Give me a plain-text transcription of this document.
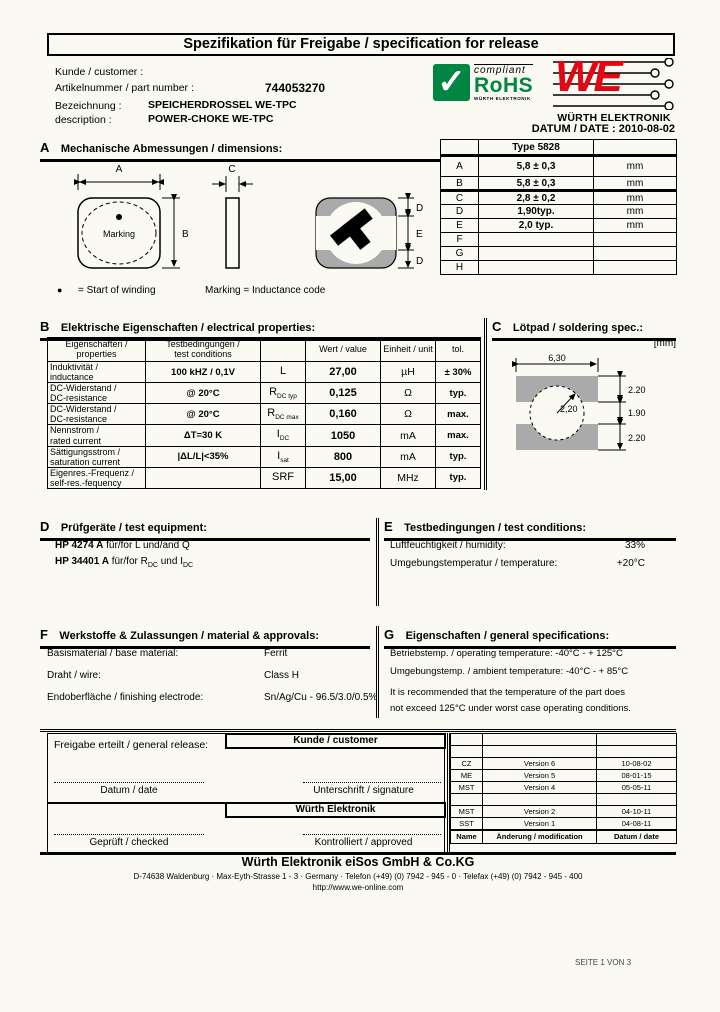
Spezifikation für Freigabe / specification for release
Kunde / customer :
Artikelnummer / part number :	744053270
Bezeichnung :	SPEICHERDROSSEL WE-TPC
description :	POWER-CHOKE WE-TPC
✓ compliant
RoHS
WÜRTH ELEKTRONIK WE
WÜRTH ELEKTRONIK
DATUM / DATE : 2010-08-02
A Mechanische Abmessungen / dimensions:
		Type 5828	
A	5,8 ± 0,3	mm
B	5,8 ± 0,3	mm
C	2,8 ± 0,2	mm
D	1,90typ.	mm
E	2,0 typ.	mm
F		
G		
H		
A
Marking	B
C
D
E
D
● = Start of winding	Marking = Inductance code
B Elektrische Eigenschaften / electrical properties:
Eigenschaften /
properties

Testbedingungen /
test conditions		Wert / value	Einheit / unit	tol.

Induktivität /
inductance	100 kHZ / 0,1V	L	27,00	µH	± 30%

DC-Widerstand /
DC-resistance	@ 20°C	$R_{DC typ}$	0,125	Ω	typ.

DC-Widerstand /
DC-resistance	@ 20°C	$R_{DC max}$	0,160	Ω	max.

Nennstrom /
rated current	ΔT=30 K	$I_{DC}$	1050	mA	max.

Sättigungsstrom /
saturation current	|ΔL/L|<35%	$I_{sat}$	800	mA	typ.

Eigenres.-Frequenz /
self-res.-fequency		SRF	15,00	MHz	typ.
C Lötpad / soldering spec.:
[mm]
6,30
2,20
2.20
1.90
2.20
D Prüfgeräte / test equipment:
HP 4274 A für/for L und/and Q
HP 34401 A für/for $R_{DC}$ und $I_{DC}$
E Testbedingungen / test conditions:
Luftfeuchtigkeit / humidity:	33%
Umgebungstemperatur / temperature:	+20°C
F Werkstoffe & Zulassungen / material & approvals:
Basismaterial / base material:	Ferrit
Draht / wire:	Class H
Endoberfläche / finishing electrode:	Sn/Ag/Cu - 96.5/3.0/0.5%
G Eigenschaften / general specifications:
Betriebstemp. / operating temperature: -40°C - + 125°C
Umgebungstemp. / ambient temperature: -40°C - + 85°C
It is recommended that the temperature of the part does
not exceed 125°C under worst case operating conditions.
Freigabe erteilt / general release:	Kunde / customer
Datum / date	Unterschrift / signature
Würth Elektronik
Geprüft / checked	Kontrolliert / approved

CZ	Version 6	10-08-02
ME	Version 5	08-01-15
MST	Version 4	05-05-11

MST	Version 2	04-10-11
SST	Version 1	04-08-11
Name	Änderung / modification	Datum / date
Würth Elektronik eiSos GmbH & Co.KG
D-74638 Waldenburg · Max-Eyth-Strasse 1 - 3 · Germany · Telefon (+49) (0) 7942 - 945 - 0 · Telefax (+49) (0) 7942 - 945 - 400
http://www.we-online.com
SEITE 1 VON 3
